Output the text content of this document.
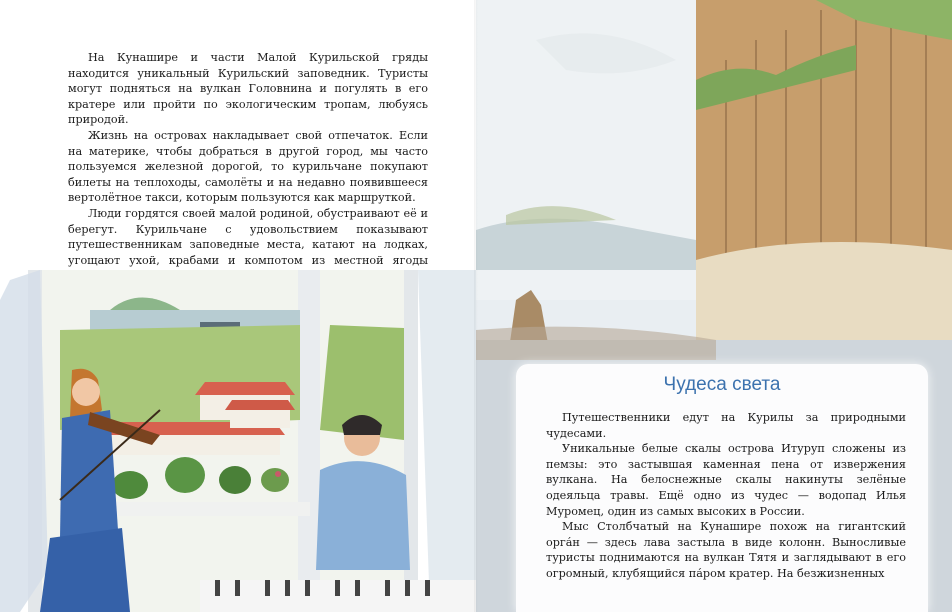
На Кунашире и части Малой Курильской гряды находится уникальный Курильский заповедник. Туристы могут подняться на вулкан Головнина и погулять в его кратере или пройти по экологическим тропам, любуясь природой.

Жизнь на островах накладывает свой отпечаток. Если на материке, чтобы добраться в другой город, мы часто пользуемся железной дорогой, то курильчане покупают билеты на теплоходы, самолёты и на недавно появившееся вертолётное такси, которым пользуются как маршруткой.

Люди гордятся своей малой родиной, обустраивают её и берегут. Курильчане с удовольствием показывают путешественникам заповедные места, катают на лодках, угощают ухой, крабами и компотом из местной ягоды

Чудеса света

Путешественники едут на Курилы за природными чудесами.

Уникальные белые скалы острова Итуруп сложены из пемзы: это застывшая каменная пена от извержения вулкана. На белоснежные скалы накинуты зелёные одеяльца травы. Ещё одно из чудес — водопад Илья Муромец, один из самых высоких в России.

Мыс Столбчатый на Кунашире похож на гигантский орга́н — здесь лава застыла в виде колонн. Выносливые туристы поднимаются на вулкан Тятя и заглядывают в его огромный, клубящийся па́ром кратер. На безжизненных
